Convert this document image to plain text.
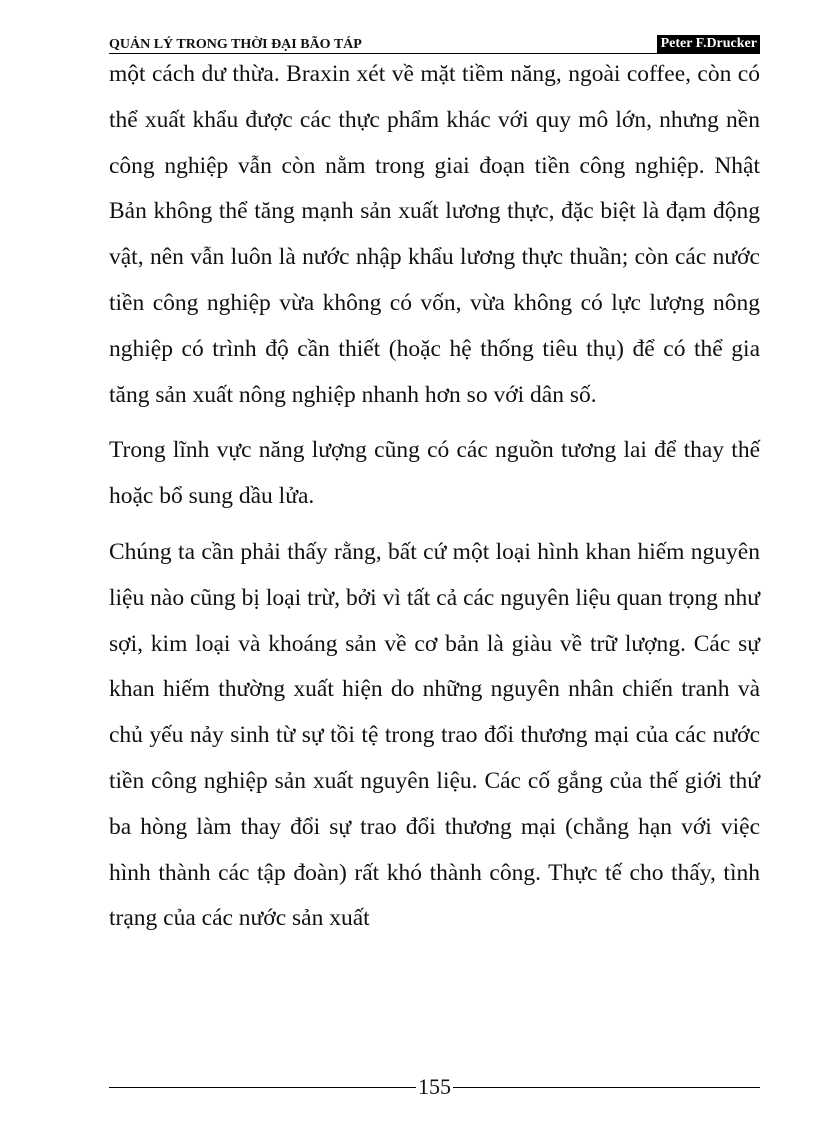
QUẢN LÝ TRONG THỜI ĐẠI BÃO TÁP	Peter F.Drucker

một cách dư thừa. Braxin xét về mặt tiềm năng, ngoài coffee, còn có thể xuất khẩu được các thực phẩm khác với quy mô lớn, nhưng nền công nghiệp vẫn còn nằm trong giai đoạn tiền công nghiệp. Nhật Bản không thể tăng mạnh sản xuất lương thực, đặc biệt là đạm động vật, nên vẫn luôn là nước nhập khẩu lương thực thuần; còn các nước tiền công nghiệp vừa không có vốn, vừa không có lực lượng nông nghiệp có trình độ cần thiết (hoặc hệ thống tiêu thụ) để có thể gia tăng sản xuất nông nghiệp nhanh hơn so với dân số.

Trong lĩnh vực năng lượng cũng có các nguồn tương lai để thay thế hoặc bổ sung dầu lửa.

Chúng ta cần phải thấy rằng, bất cứ một loại hình khan hiếm nguyên liệu nào cũng bị loại trừ, bởi vì tất cả các nguyên liệu quan trọng như sợi, kim loại và khoáng sản về cơ bản là giàu về trữ lượng. Các sự khan hiếm thường xuất hiện do những nguyên nhân chiến tranh và chủ yếu nảy sinh từ sự tồi tệ trong trao đổi thương mại của các nước tiền công nghiệp sản xuất nguyên liệu. Các cố gắng của thế giới thứ ba hòng làm thay đổi sự trao đổi thương mại (chẳng hạn với việc hình thành các tập đoàn) rất khó thành công. Thực tế cho thấy, tình trạng của các nước sản xuất

155
